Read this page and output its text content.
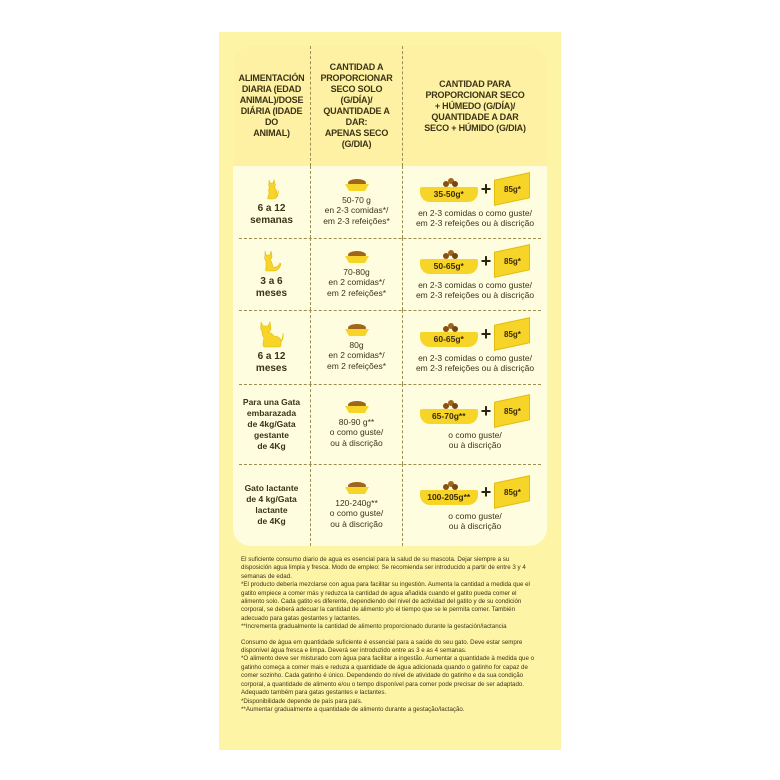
ALIMENTACIÓN
DIARIA (EDAD
ANIMAL)/DOSE
DIÁRIA (IDADE DO
ANIMAL)
CANTIDAD A
PROPORCIONAR
SECO SOLO (G/DÍA)/
QUANTIDADE A DAR:
APENAS SECO (G/DIA)
CANTIDAD PARA
PROPORCIONAR SECO
+ HÚMEDO (G/DÍA)/
QUANTIDADE A DAR
SECO + HÚMIDO (G/DIA)
6 a 12
semanas
50-70 g
en 2-3 comidas*/
em 2-3 refeições*
35-50g* + 85g*
en 2-3 comidas o como guste/
em 2-3 refeições ou à discrição
3 a 6
meses
70-80g
en 2 comidas*/
em 2 refeições*
50-65g* + 85g*
en 2-3 comidas o como guste/
em 2-3 refeições ou à discrição
6 a 12
meses
80g
en 2 comidas*/
em 2 refeições*
60-65g* + 85g*
en 2-3 comidas o como guste/
em 2-3 refeições ou à discrição
Para una Gata
embarazada
de 4kg/Gata
gestante
de 4Kg
80-90 g**
o como guste/
ou à discrição
65-70g** + 85g*
o como guste/
ou à discrição
Gato lactante
de 4 kg/Gata
lactante
de 4Kg
120-240g**
o como guste/
ou à discrição
100-205g** + 85g*
o como guste/
ou à discrição

El suficiente consumo diario de agua es esencial para la salud de su mascota. Dejar siempre a su disposición agua limpia y fresca. Modo de empleo: Se recomienda ser introducido a partir de entre 3 y 4 semanas de edad.

*El producto debería mezclarse con agua para facilitar su ingestión. Aumenta la cantidad a medida que el gatito empiece a comer más y reduzca la cantidad de agua añadida cuando el gatito pueda comer el alimento solo. Cada gatito es diferente, dependiendo del nivel de actividad del gatito y de su condición corporal, se deberá adecuar la cantidad de alimento y/o el tiempo que se le permita comer. También adecuado para gatas gestantes y lactantes.

**Incrementa gradualmente la cantidad de alimento proporcionado durante la gestación/lactancia

Consumo de água em quantidade suficiente é essencial para a saúde do seu gato. Deve estar sempre disponível água fresca e limpa. Deverá ser introduzido entre as 3 e as 4 semanas.

*O alimento deve ser misturado com água para facilitar a ingestão. Aumentar a quantidade à medida que o gatinho começa a comer mais e reduza a quantidade de água adicionada quando o gatinho for capaz de comer sozinho. Cada gatinho é único. Dependendo do nível de atividade do gatinho e da sua condição corporal, a quantidade de alimento e/ou o tempo disponível para comer pode precisar de ser adaptado. Adequado também para gatas gestantes e lactantes.

*Disponibilidade depende de país para país.

**Aumentar gradualmente a quantidade de alimento durante a gestação/lactação.
